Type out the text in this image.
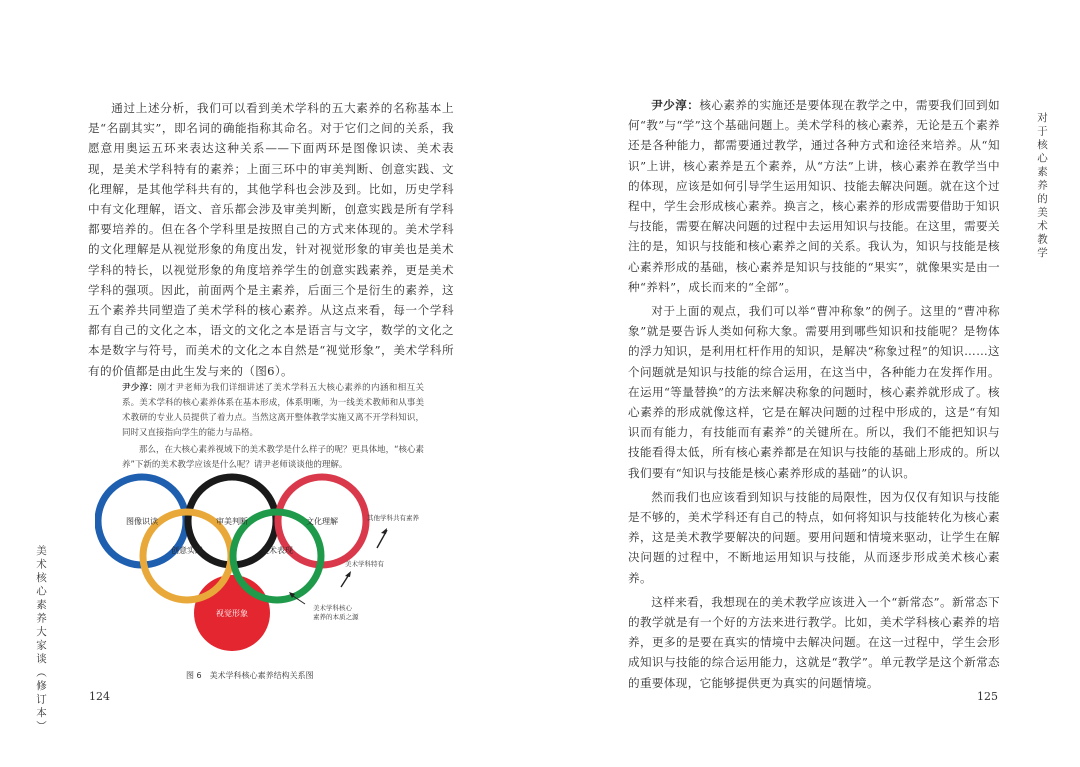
通过上述分析，我们可以看到美术学科的五大素养的名称基本上是“名副其实”，即名词的确能指称其命名。对于它们之间的关系，我愿意用奥运五环来表达这种关系——下面两环是图像识读、美术表现，是美术学科特有的素养；上面三环中的审美判断、创意实践、文化理解，是其他学科共有的，其他学科也会涉及到。比如，历史学科中有文化理解，语文、音乐都会涉及审美判断，创意实践是所有学科都要培养的。但在各个学科里是按照自己的方式来体现的。美术学科的文化理解是从视觉形象的角度出发，针对视觉形象的审美也是美术学科的特长，以视觉形象的角度培养学生的创意实践素养，更是美术学科的强项。因此，前面两个是主素养，后面三个是衍生的素养，这五个素养共同塑造了美术学科的核心素养。从这点来看，每一个学科都有自己的文化之本，语文的文化之本是语言与文字，数学的文化之本是数字与符号，而美术的文化之本自然是“视觉形象”，美术学科所有的价值都是由此生发与来的（图6）。

尹少淳：刚才尹老师为我们详细讲述了美术学科五大核心素养的内涵和相互关系。美术学科的核心素养体系在基本形成，体系明晰，为一线美术教师和从事美术教研的专业人员提供了着力点。当然这离开整体教学实施又离不开学科知识，同时又直接指向学生的能力与品格。

那么，在大核心素养视域下的美术教学是什么样子的呢？更具体地，“核心素养”下新的美术教学应该是什么呢？请尹老师谈谈他的理解。

图像识读	审美判断	文化理解
创意实践	美术表现
视觉形象
其他学科共有素养
美术学科特有
美术学科核心 素养的本质之源
图 6　美术学科核心素养结构关系图
美术核心素养大家谈（修订本）	124

尹少淳：核心素养的实施还是要体现在教学之中，需要我们回到如何“教”与“学”这个基础问题上。美术学科的核心素养，无论是五个素养还是各种能力，都需要通过教学，通过各种方式和途径来培养。从“知识”上讲，核心素养是五个素养，从“方法”上讲，核心素养在教学当中的体现，应该是如何引导学生运用知识、技能去解决问题。就在这个过程中，学生会形成核心素养。换言之，核心素养的形成需要借助于知识与技能，需要在解决问题的过程中去运用知识与技能。在这里，需要关注的是，知识与技能和核心素养之间的关系。我认为，知识与技能是核心素养形成的基础，核心素养是知识与技能的“果实”，就像果实是由一种“养料”，成长而来的“全部”。

对于上面的观点，我们可以举“曹冲称象”的例子。这里的“曹冲称象”就是要告诉人类如何称大象。需要用到哪些知识和技能呢？是物体的浮力知识，是利用杠杆作用的知识，是解决“称象过程”的知识……这个问题就是知识与技能的综合运用，在这当中，各种能力在发挥作用。在运用“等量替换”的方法来解决称象的问题时，核心素养就形成了。核心素养的形成就像这样，它是在解决问题的过程中形成的，这是“有知识而有能力，有技能而有素养”的关键所在。所以，我们不能把知识与技能看得太低，所有核心素养都是在知识与技能的基础上形成的。所以我们要有“知识与技能是核心素养形成的基础”的认识。

然而我们也应该看到知识与技能的局限性，因为仅仅有知识与技能是不够的，美术学科还有自己的特点，如何将知识与技能转化为核心素养，这是美术教学要解决的问题。要用问题和情境来驱动，让学生在解决问题的过程中，不断地运用知识与技能，从而逐步形成美术核心素养。

这样来看，我想现在的美术教学应该进入一个“新常态”。新常态下的教学就是有一个好的方法来进行教学。比如，美术学科核心素养的培养，更多的是要在真实的情境中去解决问题。在这一过程中，学生会形成知识与技能的综合运用能力，这就是“教学”。单元教学是这个新常态的重要体现，它能够提供更为真实的问题情境。

对于核心素养的美术教学
125
